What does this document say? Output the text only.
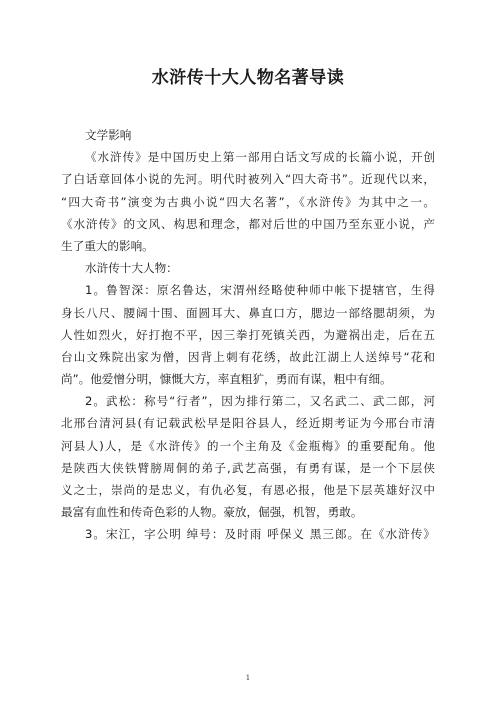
水浒传十大人物名著导读
文学影响
《水浒传》是中国历史上第一部用白话文写成的长篇小说，开创
了白话章回体小说的先河。明代时被列入“四大奇书”。近现代以来，
“四大奇书”演变为古典小说“四大名著”，《水浒传》为其中之一。
《水浒传》的文风、构思和理念，都对后世的中国乃至东亚小说，产
生了重大的影响。
水浒传十大人物：
1。鲁智深：原名鲁达，宋渭州经略使种师中帐下提辖官，生得
身长八尺、腰阔十围、面圆耳大、鼻直口方，腮边一部络腮胡须，为
人性如烈火，好打抱不平，因三拳打死镇关西，为避祸出走，后在五
台山文殊院出家为僧，因背上刺有花绣，故此江湖上人送绰号“花和
尚”。他爱憎分明，慷慨大方，率直粗犷，勇而有谋，粗中有细。
2。武松：称号“行者”，因为排行第二，又名武二、武二郎，河
北邢台清河县(有记载武松早是阳谷县人，经近期考证为今邢台市清
河县人)人，是《水浒传》的一个主角及《金瓶梅》的重要配角。他
是陕西大侠铁臂膀周侗的弟子,武艺高强，有勇有谋，是一个下层侠
义之士，崇尚的是忠义，有仇必复，有恩必报，他是下层英雄好汉中
最富有血性和传奇色彩的人物。豪放，倔强，机智，勇敢。
3。宋江，字公明 绰号：及时雨 呼保义 黑三郎。在《水浒传》
1
